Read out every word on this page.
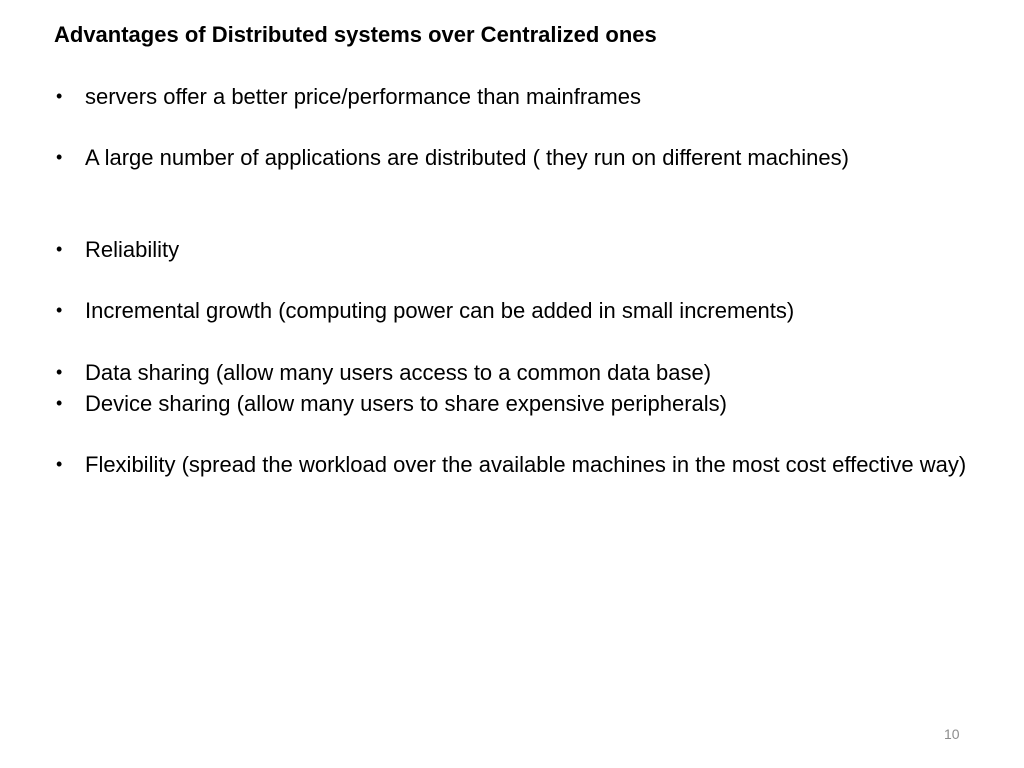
Advantages of Distributed systems over Centralized ones
• servers offer a better price/performance than mainframes
• A large number of applications are distributed ( they run on different machines)
• Reliability
• Incremental growth (computing power can be added in small increments)
• Data sharing (allow many users access to a common data base)
• Device sharing (allow many users to share expensive peripherals)
• Flexibility (spread the workload over the available machines in the most cost effective way)
10
